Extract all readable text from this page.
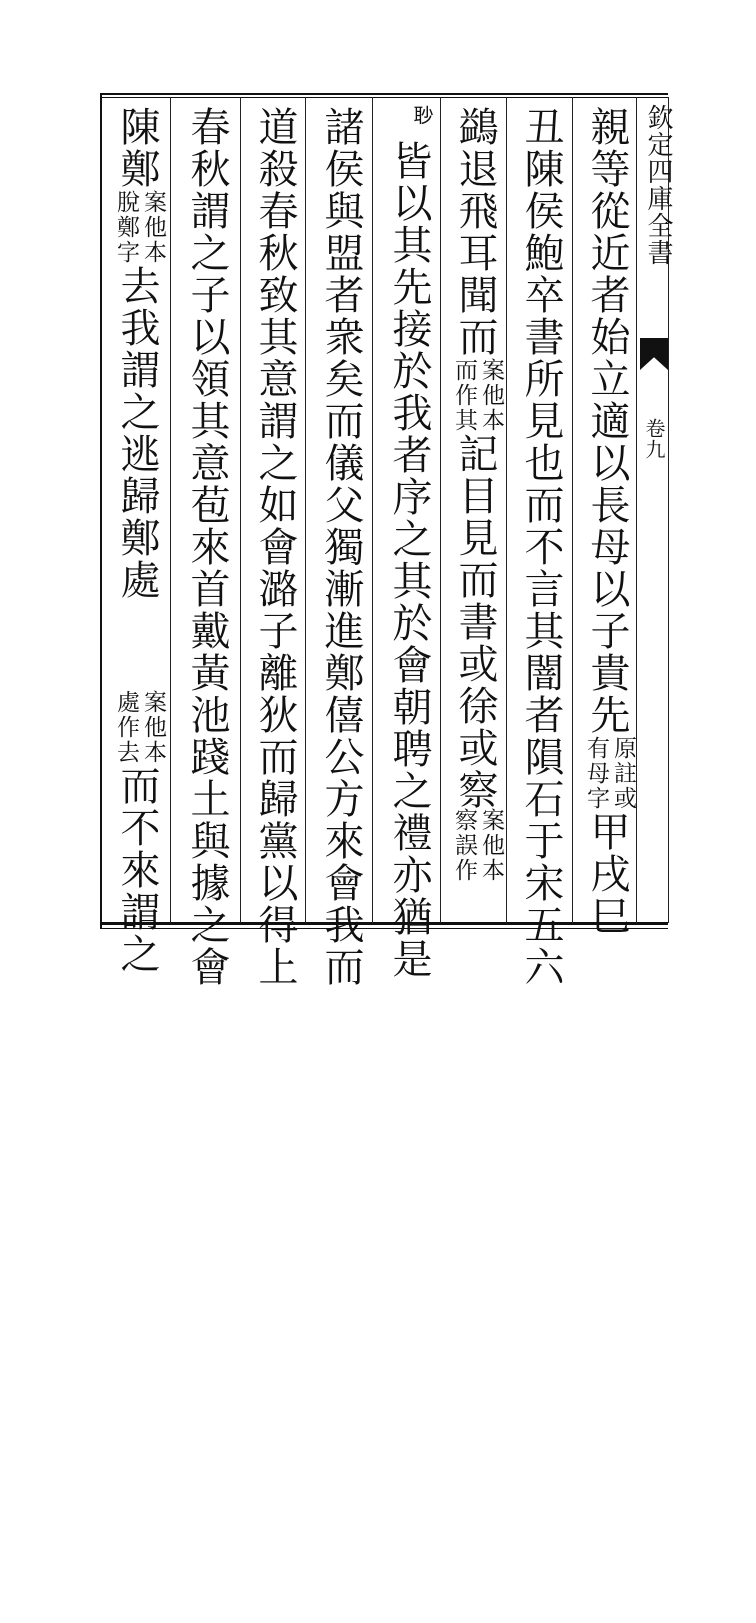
欽定四庫全書
卷九
親等從近者始立適以長母以子貴先
原註或
有母字
甲戌巳
丑陳侯鮑卒書所見也而不言其闇者隕石于宋五六
鷁退飛耳聞而
案他本
而作其
記目見而書或徐或察
案他本
察誤作
𦕈
皆以其先接於我者序之其於會朝聘之禮亦猶是
諸侯與盟者衆矣而儀父獨漸進鄭僖公方來會我而
道殺春秋致其意謂之如會潞子離狄而歸黨以得上
春秋謂之子以領其意苞來首戴黃池踐土與據之會
陳鄭
案他本
脫鄭字
去我謂之逃歸鄭處
案他本
處作去
而不來謂之
